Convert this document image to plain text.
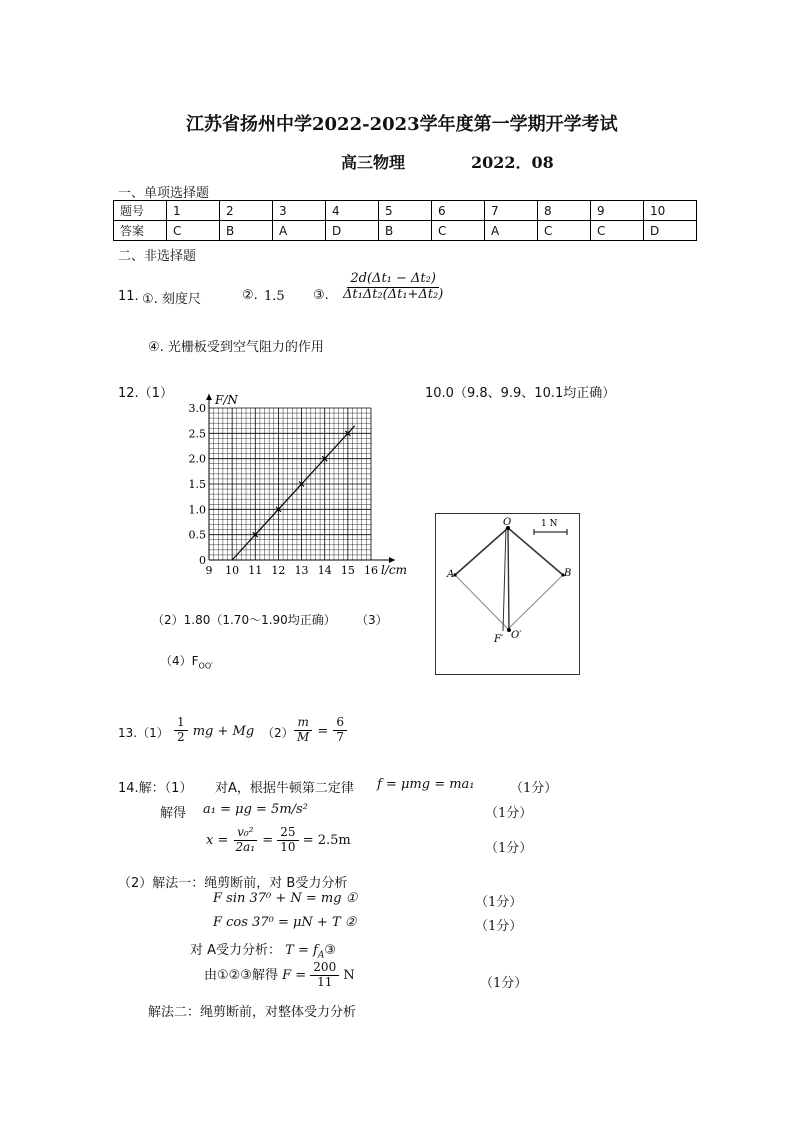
江苏省扬州中学2022-2023学年度第一学期开学考试
高三物理	2022．08
一、单项选择题
题号	1	2	3	4	5	6	7	8	9	10
答案	C	B	A	D	B	C	A	C	C	D
二、非选择题
11. ①. 刻度尺	②. 1.5 ③. $\frac{\text{2d(Δt₁ − Δt₂)}}{\text{Δt₁Δt₂(Δt₁+Δt₂)}}$
④. 光栅板受到空气阻力的作用
12.（1）	10.0（9.8、9.9、10.1均正确）
9 10 11 12 13 14 15 16
0
0.5
1.0
1.5
2.0
2.5
3.0
F/N
l/cm
（2）1.80（1.70～1.90均正确） （3）
$(4)F_{OO'}$
O
A	B
F′ O′
1 N
$13.(1) \frac{1}{2}$ mg + Mg $(2) \frac{m}{M} = \frac{6}{7}$
14.解：（1） 对A，根据牛顿第二定律 f = μmg = ma₁	（1分）
解得 a₁ = μg = 5m/s²	（1分）
$x = \frac{\text{v₀²}}{\text{2a₁}} = \frac{25}{10} = 2.5m$
（1分）
（2）解法一：绳剪断前，对 B受力分析
F sin 37⁰ + N = mg ①	（1分）
F cos 37⁰ = μN + T ②	（1分）
对 A受力分析： $T = f_A③$
由①②③解得 $F = \frac{200}{11}$ N
（1分）
解法二：绳剪断前，对整体受力分析
